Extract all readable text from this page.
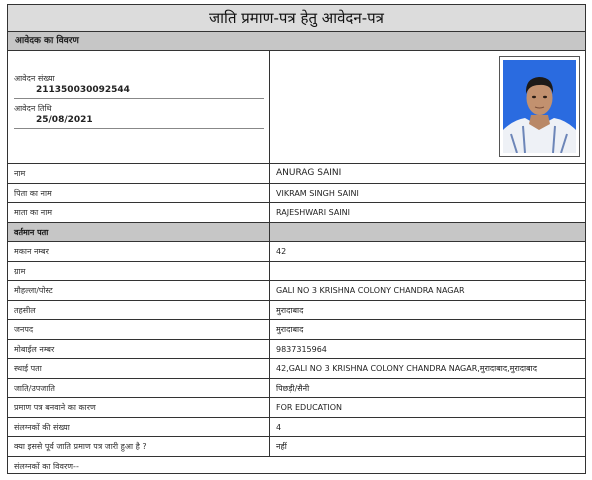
जाति प्रमाण-पत्र हेतु आवेदन-पत्र
आवेदक का विवरण
आवेदन संख्या
211350030092544
आवेदन तिथि
25/08/2021
नाम	ANURAG SAINI
पिता का नाम	VIKRAM SINGH SAINI
माता का नाम	RAJESHWARI SAINI
वर्तमान पता
मकान नम्बर	42
ग्राम
मौहल्ला/पोस्ट	GALI NO 3 KRISHNA COLONY CHANDRA NAGAR
तहसील	मुरादाबाद
जनपद	मुरादाबाद
मोबाईल नम्बर	9837315964
स्थाई पता	42,GALI NO 3 KRISHNA COLONY CHANDRA NAGAR,मुरादाबाद,मुरादाबाद
जाति/उपजाति	पिछड़ी/सैनी
प्रमाण पत्र बनवाने का कारण	FOR EDUCATION
संलग्नकों की संख्या	4
क्या इससे पूर्व जाति प्रमाण पत्र जारी हुआ है ?	नहीं
संलग्नकों का विवरण--
